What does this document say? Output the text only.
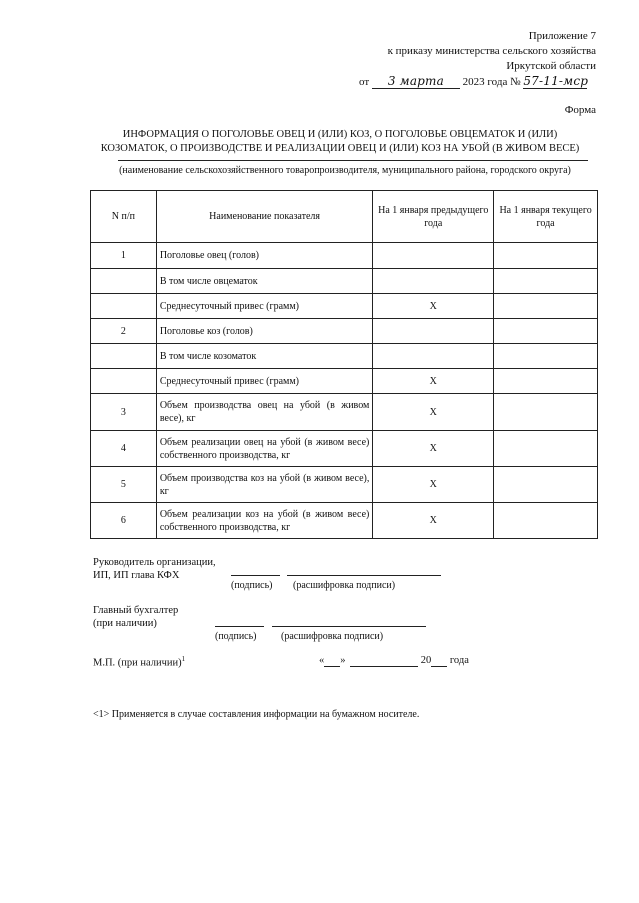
Приложение 7
к приказу министерства сельского хозяйства
Иркутской области
от 3 марта 2023 года № 57-11-мср
Форма
ИНФОРМАЦИЯ О ПОГОЛОВЬЕ ОВЕЦ И (ИЛИ) КОЗ, О ПОГОЛОВЬЕ ОВЦЕМАТОК И (ИЛИ)
КОЗОМАТОК, О ПРОИЗВОДСТВЕ И РЕАЛИЗАЦИИ ОВЕЦ И (ИЛИ) КОЗ НА УБОЙ (В ЖИВОМ ВЕСЕ)
(наименование сельскохозяйственного товаропроизводителя, муниципального района, городского округа)
N п/п	Наименование показателя	На 1 января предыдущего года	На 1 января текущего года
1	Поголовье овец (голов)		
	В том числе овцематок		
	Среднесуточный привес (грамм)	X	
2	Поголовье коз (голов)		
	В том числе козоматок		
	Среднесуточный привес (грамм)	X	
3	Объем производства овец на убой (в живом весе), кг	X	
4	Объем реализации овец на убой (в живом весе) собственного производства, кг	X	
5	Объем производства коз на убой (в живом весе), кг	X	
6	Объем реализации коз на убой (в живом весе) собственного производства, кг	X	
Руководитель организации,
ИП, ИП глава КФХ
(подпись) (расшифровка подписи)
Главный бухгалтер
(при наличии)
(подпись) (расшифровка подписи)
М.П. (при наличии)$^1$	« »	20 года
<1> Применяется в случае составления информации на бумажном носителе.
